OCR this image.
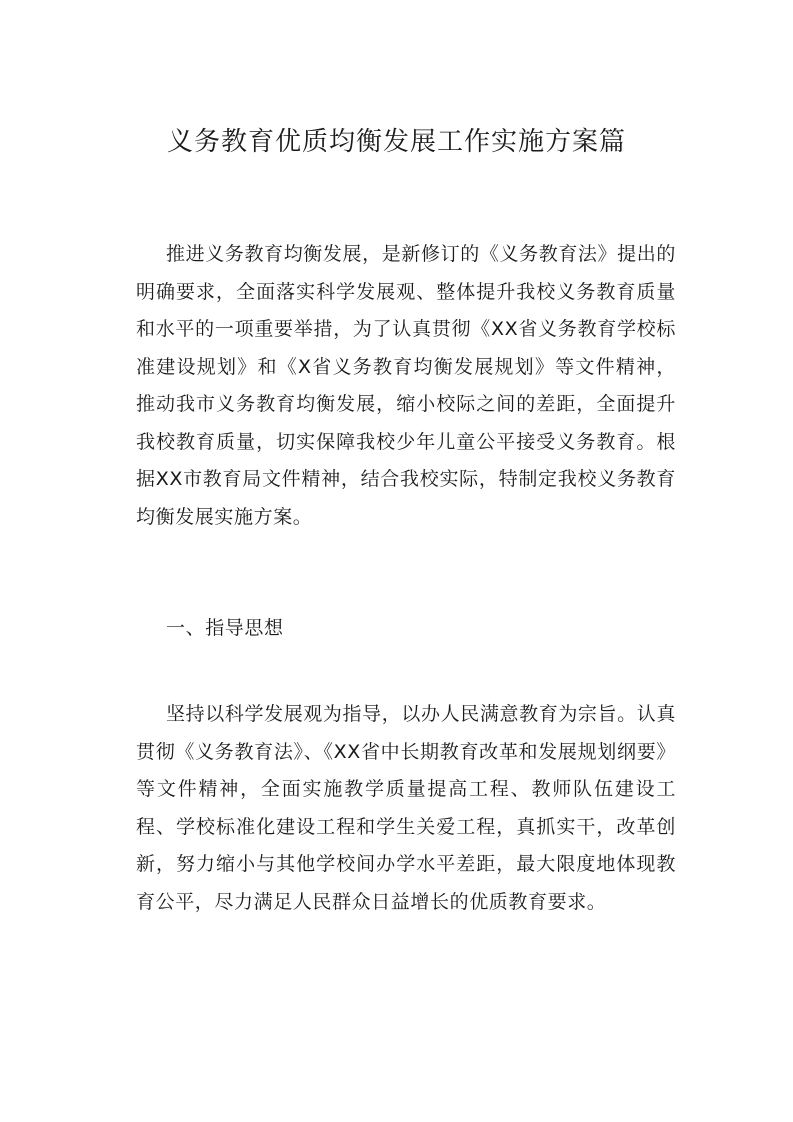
义务教育优质均衡发展工作实施方案篇

推进义务教育均衡发展，是新修订的《义务教育法》提出的明确要求，全面落实科学发展观、整体提升我校义务教育质量和水平的一项重要举措，为了认真贯彻《XX省义务教育学校标准建设规划》和《X省义务教育均衡发展规划》等文件精神，推动我市义务教育均衡发展，缩小校际之间的差距，全面提升我校教育质量，切实保障我校少年儿童公平接受义务教育。根据XX市教育局文件精神，结合我校实际，特制定我校义务教育均衡发展实施方案。

一、指导思想

坚持以科学发展观为指导，以办人民满意教育为宗旨。认真贯彻《义务教育法》、《XX省中长期教育改革和发展规划纲要》等文件精神，全面实施教学质量提高工程、教师队伍建设工程、学校标准化建设工程和学生关爱工程，真抓实干，改革创新，努力缩小与其他学校间办学水平差距，最大限度地体现教育公平，尽力满足人民群众日益增长的优质教育要求。
